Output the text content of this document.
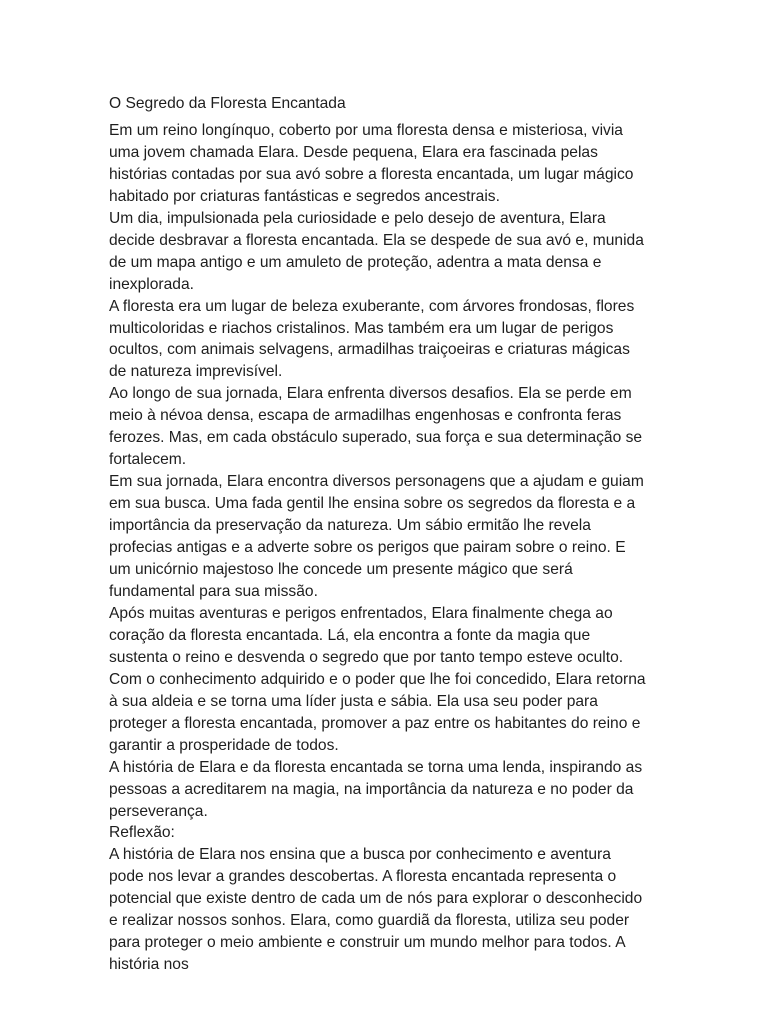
O Segredo da Floresta Encantada

Em um reino longínquo, coberto por uma floresta densa e misteriosa, vivia uma jovem chamada Elara. Desde pequena, Elara era fascinada pelas histórias contadas por sua avó sobre a floresta encantada, um lugar mágico habitado por criaturas fantásticas e segredos ancestrais.

Um dia, impulsionada pela curiosidade e pelo desejo de aventura, Elara decide desbravar a floresta encantada. Ela se despede de sua avó e, munida de um mapa antigo e um amuleto de proteção, adentra a mata densa e inexplorada.

A floresta era um lugar de beleza exuberante, com árvores frondosas, flores multicoloridas e riachos cristalinos. Mas também era um lugar de perigos ocultos, com animais selvagens, armadilhas traiçoeiras e criaturas mágicas de natureza imprevisível.

Ao longo de sua jornada, Elara enfrenta diversos desafios. Ela se perde em meio à névoa densa, escapa de armadilhas engenhosas e confronta feras ferozes. Mas, em cada obstáculo superado, sua força e sua determinação se fortalecem.

Em sua jornada, Elara encontra diversos personagens que a ajudam e guiam em sua busca. Uma fada gentil lhe ensina sobre os segredos da floresta e a importância da preservação da natureza. Um sábio ermitão lhe revela profecias antigas e a adverte sobre os perigos que pairam sobre o reino. E um unicórnio majestoso lhe concede um presente mágico que será fundamental para sua missão.

Após muitas aventuras e perigos enfrentados, Elara finalmente chega ao coração da floresta encantada. Lá, ela encontra a fonte da magia que sustenta o reino e desvenda o segredo que por tanto tempo esteve oculto.

Com o conhecimento adquirido e o poder que lhe foi concedido, Elara retorna à sua aldeia e se torna uma líder justa e sábia. Ela usa seu poder para proteger a floresta encantada, promover a paz entre os habitantes do reino e garantir a prosperidade de todos.

A história de Elara e da floresta encantada se torna uma lenda, inspirando as pessoas a acreditarem na magia, na importância da natureza e no poder da perseverança.

Reflexão:

A história de Elara nos ensina que a busca por conhecimento e aventura pode nos levar a grandes descobertas. A floresta encantada representa o potencial que existe dentro de cada um de nós para explorar o desconhecido e realizar nossos sonhos. Elara, como guardiã da floresta, utiliza seu poder para proteger o meio ambiente e construir um mundo melhor para todos. A história nos
